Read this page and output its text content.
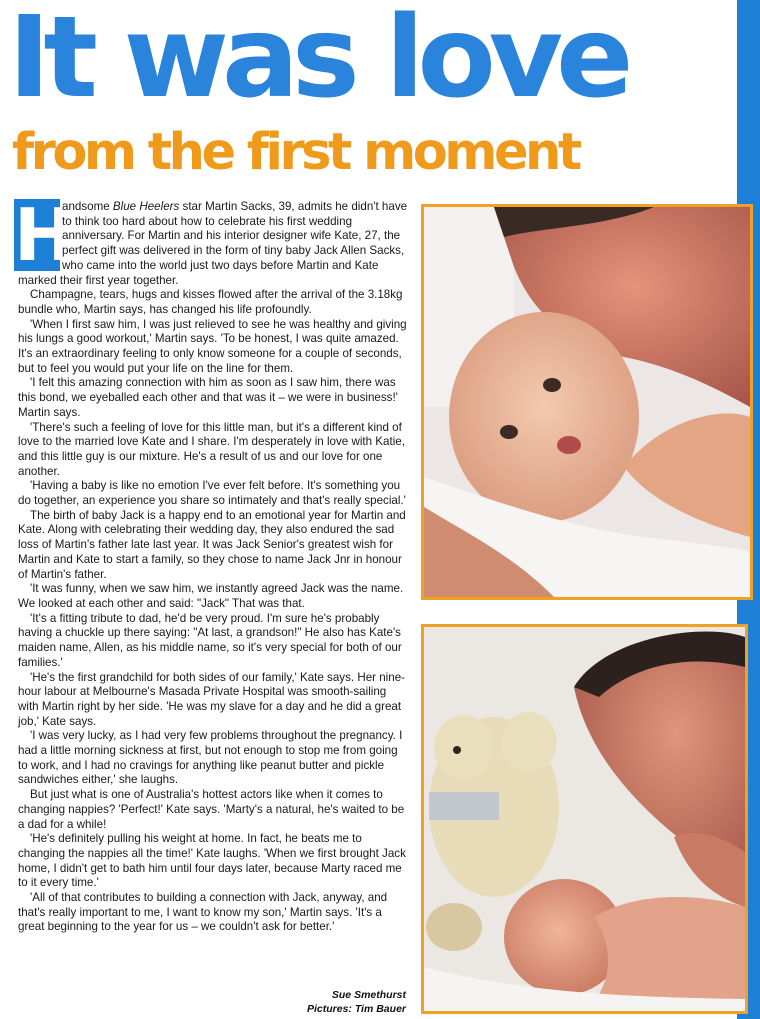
It was love
from the first moment
H

andsome Blue Heelers star Martin Sacks, 39, admits he didn't have to think too hard about how to celebrate his first wedding anniversary. For Martin and his interior designer wife Kate, 27, the perfect gift was delivered in the form of tiny baby Jack Allen Sacks, who came into the world just two days before Martin and Kate marked their first year together.

Champagne, tears, hugs and kisses flowed after the arrival of the 3.18kg bundle who, Martin says, has changed his life profoundly.

'When I first saw him, I was just relieved to see he was healthy and giving his lungs a good workout,' Martin says. 'To be honest, I was quite amazed. It's an extraordinary feeling to only know someone for a couple of seconds, but to feel you would put your life on the line for them.

'I felt this amazing connection with him as soon as I saw him, there was this bond, we eyeballed each other and that was it – we were in business!' Martin says.

'There's such a feeling of love for this little man, but it's a different kind of love to the married love Kate and I share. I'm desperately in love with Katie, and this little guy is our mixture. He's a result of us and our love for one another.

'Having a baby is like no emotion I've ever felt before. It's something you do together, an experience you share so intimately and that's really special.'

The birth of baby Jack is a happy end to an emotional year for Martin and Kate. Along with celebrating their wedding day, they also endured the sad loss of Martin's father late last year. It was Jack Senior's greatest wish for Martin and Kate to start a family, so they chose to name Jack Jnr in honour of Martin's father.

'It was funny, when we saw him, we instantly agreed Jack was the name. We looked at each other and said: "Jack" That was that.

'It's a fitting tribute to dad, he'd be very proud. I'm sure he's probably having a chuckle up there saying: "At last, a grandson!" He also has Kate's maiden name, Allen, as his middle name, so it's very special for both of our families.'

'He's the first grandchild for both sides of our family,' Kate says. Her nine-hour labour at Melbourne's Masada Private Hospital was smooth-sailing with Martin right by her side. 'He was my slave for a day and he did a great job,' Kate says.

'I was very lucky, as I had very few problems throughout the pregnancy. I had a little morning sickness at first, but not enough to stop me from going to work, and I had no cravings for anything like peanut butter and pickle sandwiches either,' she laughs.

But just what is one of Australia's hottest actors like when it comes to changing nappies? 'Perfect!' Kate says. 'Marty's a natural, he's waited to be a dad for a while!

'He's definitely pulling his weight at home. In fact, he beats me to changing the nappies all the time!' Kate laughs. 'When we first brought Jack home, I didn't get to bath him until four days later, because Marty raced me to it every time.'

'All of that contributes to building a connection with Jack, anyway, and that's really important to me, I want to know my son,' Martin says. 'It's a great beginning to the year for us – we couldn't ask for better.'

Sue Smethurst
Pictures: Tim Bauer
